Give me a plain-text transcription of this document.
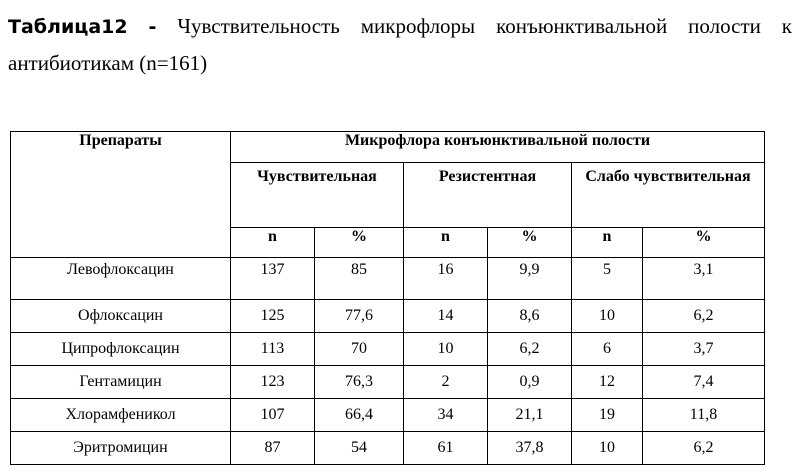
Таблица12 - Чувствительность микрофлоры конъюнктивальной полости к антибиотикам (n=161)
Препараты	Микрофлора конъюнктивальной полости					
	Чувствительная		Резистентная		Слабо чувствительная	
	n	%	n	%	n	%
Левофлоксацин	137	85	16	9,9	5	3,1
Офлоксацин	125	77,6	14	8,6	10	6,2
Ципрофлоксацин	113	70	10	6,2	6	3,7
Гентамицин	123	76,3	2	0,9	12	7,4
Хлорамфеникол	107	66,4	34	21,1	19	11,8
Эритромицин	87	54	61	37,8	10	6,2
